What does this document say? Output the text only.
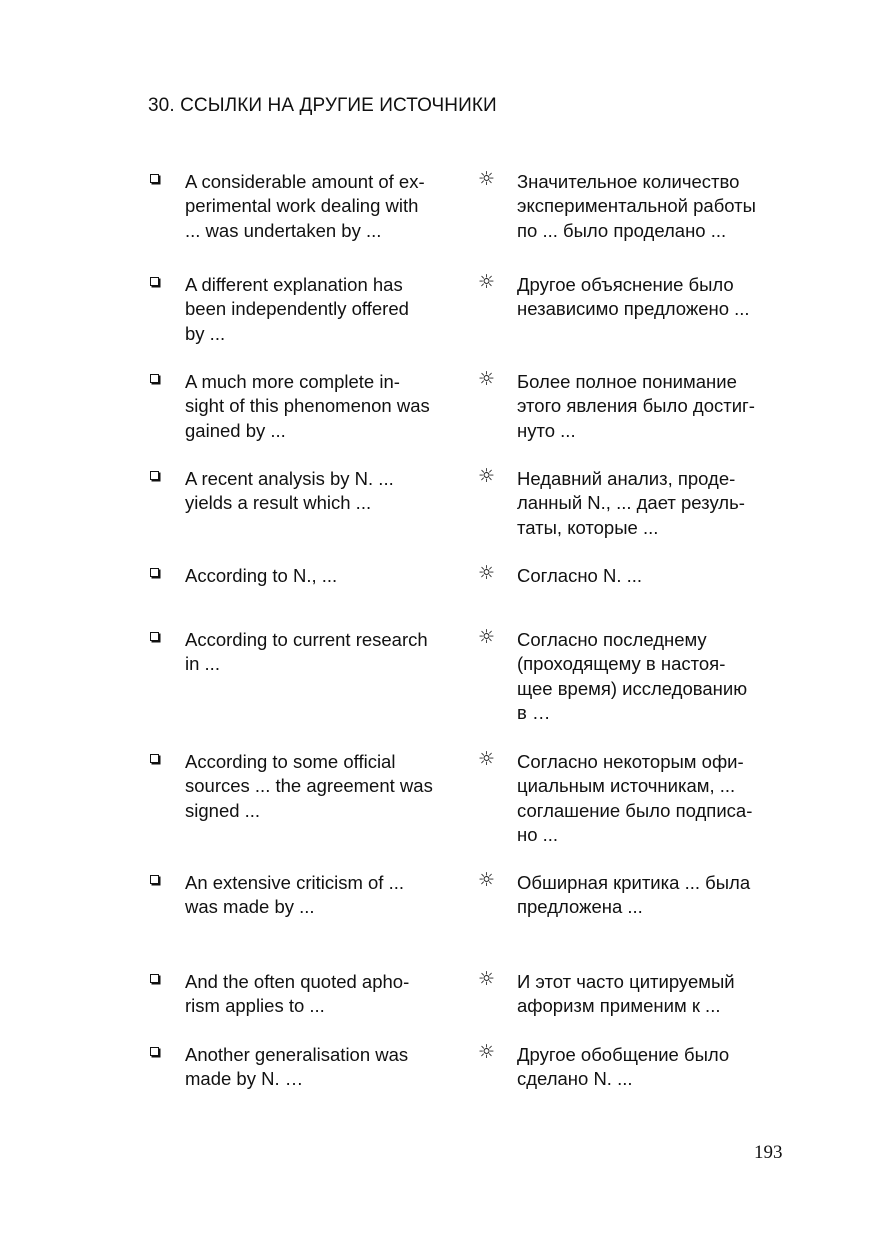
30. ССЫЛКИ НА ДРУГИЕ ИСТОЧНИКИ
A considerable amount of ex-
perimental work dealing with
... was undertaken by ...
☼ Значительное количество
экспериментальной работы
по ... было проделано ...
A different explanation has
been independently offered
by ...
☼ Другое объяснение было
независимо предложено ...
A much more complete in-
sight of this phenomenon was
gained by ...
☼ Более полное понимание
этого явления было достиг-
нуто ...
A recent analysis by N. ...
yields a result which ...
☼ Недавний анализ, проде-
ланный N., ... дает резуль-
таты, которые ...
According to N., ...	☼ Согласно N. ...
According to current research
in ...
☼ Согласно последнему
(проходящему в настоя-
щее время) исследованию
в …
According to some official
sources ... the agreement was
signed ...
☼ Согласно некоторым офи-
циальным источникам, ...
соглашение было подписа-
но ...
An extensive criticism of ...
was made by ...
☼ Обширная критика ... была
предложена ...
And the often quoted apho-
rism applies to ...
☼ И этот часто цитируемый
афоризм применим к ...
Another generalisation was
made by N. …
☼ Другое обобщение было
сделано N. ...
193
